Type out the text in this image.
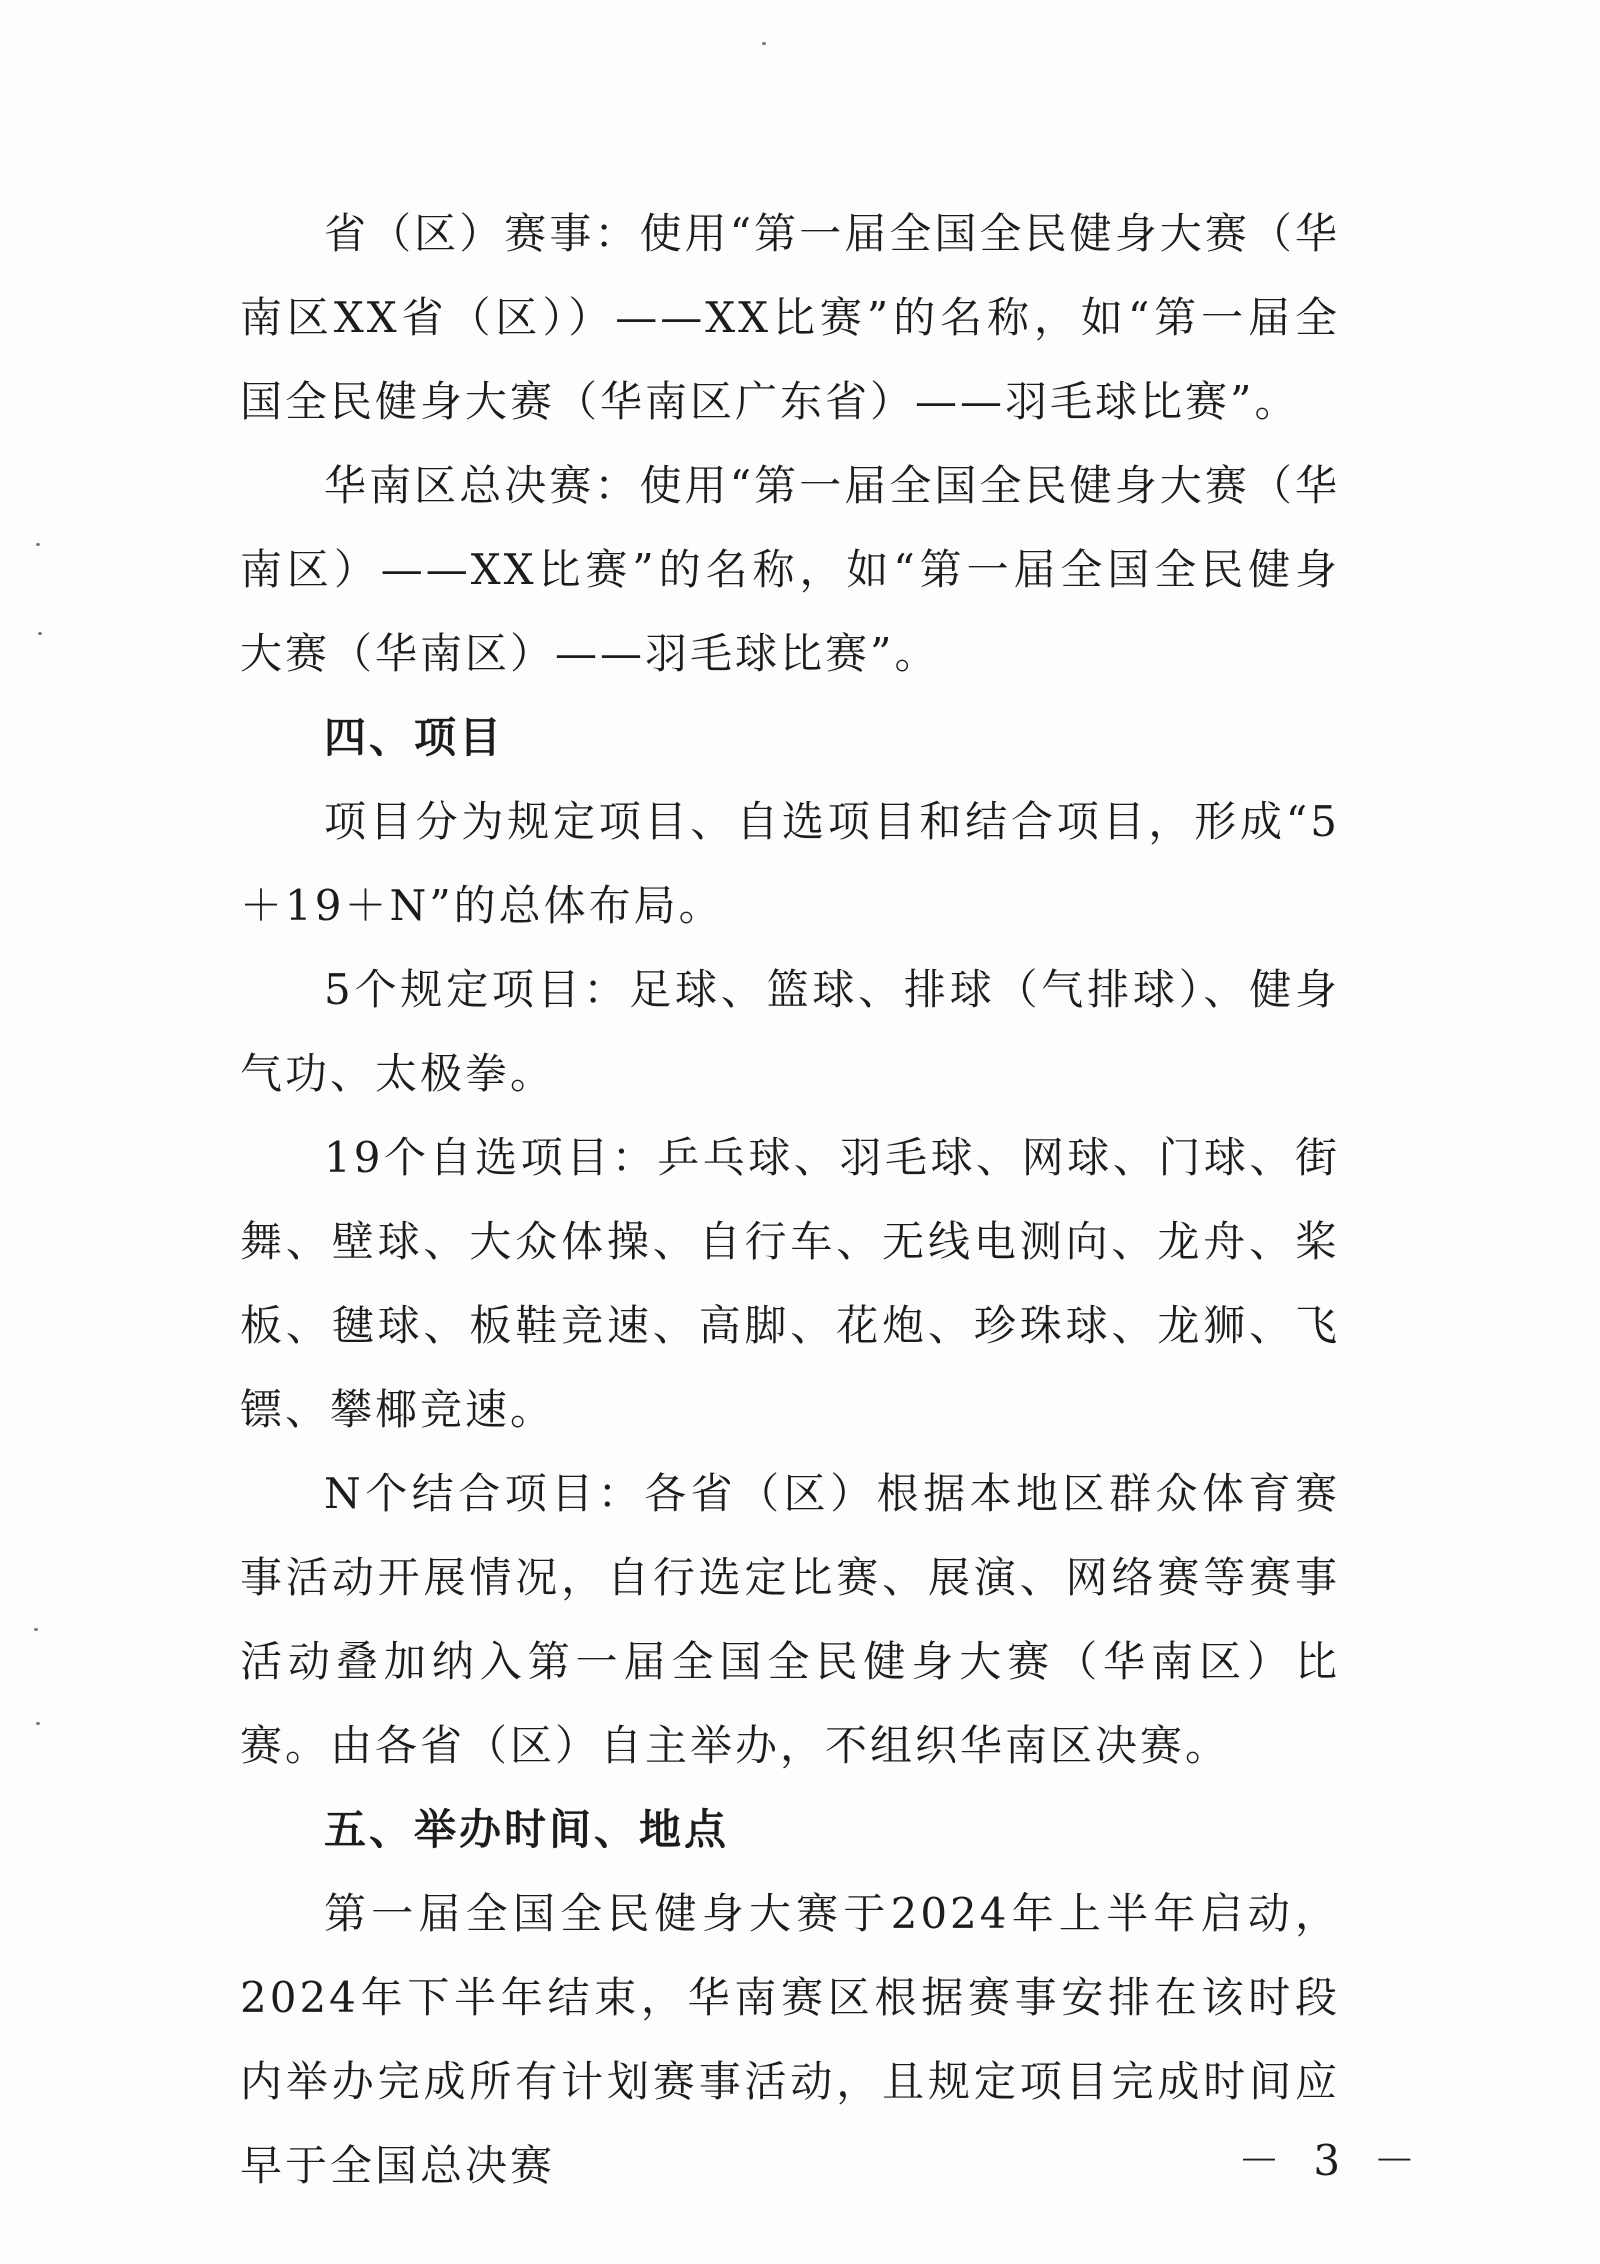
省（区）赛事：使用“第一届全国全民健身大赛（华南区XX省（区））——XX比赛”的名称，如“第一届全国全民健身大赛（华南区广东省）——羽毛球比赛”。

华南区总决赛：使用“第一届全国全民健身大赛（华南区）——XX比赛”的名称，如“第一届全国全民健身大赛（华南区）——羽毛球比赛”。

四、项目

项目分为规定项目、自选项目和结合项目，形成“5＋19＋N”的总体布局。

5个规定项目：足球、篮球、排球（气排球）、健身气功、太极拳。

19个自选项目：乒乓球、羽毛球、网球、门球、街舞、壁球、大众体操、自行车、无线电测向、龙舟、桨板、毽球、板鞋竞速、高脚、花炮、珍珠球、龙狮、飞镖、攀椰竞速。

N个结合项目：各省（区）根据本地区群众体育赛事活动开展情况，自行选定比赛、展演、网络赛等赛事活动叠加纳入第一届全国全民健身大赛（华南区）比赛。由各省（区）自主举办，不组织华南区决赛。

五、举办时间、地点

第一届全国全民健身大赛于2024年上半年启动，2024年下半年结束，华南赛区根据赛事安排在该时段内举办完成所有计划赛事活动，且规定项目完成时间应早于全国总决赛	－ 3 －
